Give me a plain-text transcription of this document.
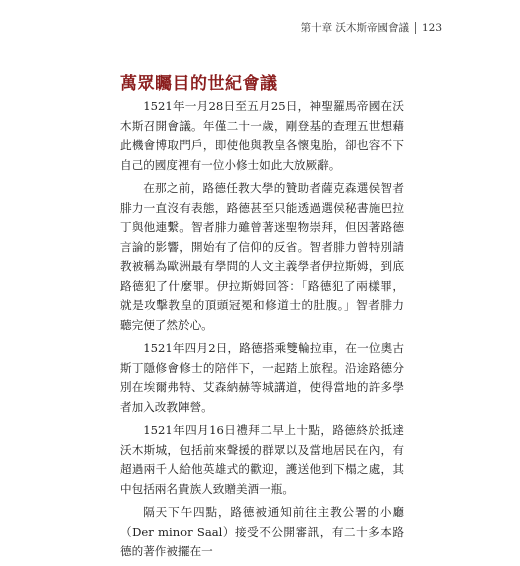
第十章 沃木斯帝國會議 123
萬眾矚目的世紀會議

1521年一月28日至五月25日，神聖羅馬帝國在沃木斯召開會議。年僅二十一歲，剛登基的查理五世想藉此機會博取門戶，即使他與教皇各懷鬼胎，卻也容不下自己的國度裡有一位小修士如此大放厥辭。

在那之前，路德任教大學的贊助者薩克森選侯智者腓力一直沒有表態，路德甚至只能透過選侯秘書施巴拉丁與他連繫。智者腓力雖曾著迷聖物崇拜，但因著路德言論的影響，開始有了信仰的反省。智者腓力曾特別請教被稱為歐洲最有學問的人文主義學者伊拉斯姆，到底路德犯了什麼罪。伊拉斯姆回答：「路德犯了兩樣罪，就是攻擊教皇的頂頭冠冕和修道士的肚腹。」智者腓力聽完便了然於心。

1521年四月2日，路德搭乘雙輪拉車，在一位奧古斯丁隱修會修士的陪伴下，一起踏上旅程。沿途路德分別在埃爾弗特、艾森納赫等城講道，使得當地的許多學者加入改教陣營。

1521年四月16日禮拜二早上十點，路德終於抵達沃木斯城，包括前來聲援的群眾以及當地居民在內，有超過兩千人給他英雄式的歡迎，護送他到下榻之處，其中包括兩名貴族人致贈美酒一瓶。

隔天下午四點，路德被通知前往主教公署的小廳（Der minor Saal）接受不公開審訊，有二十多本路德的著作被擺在一
